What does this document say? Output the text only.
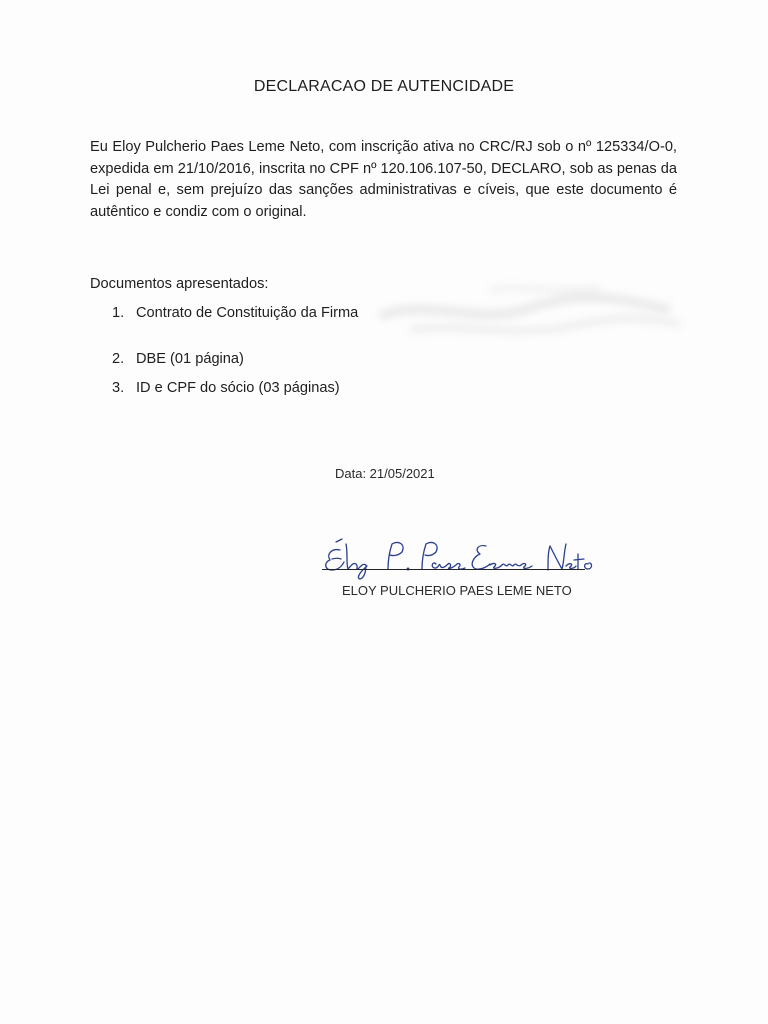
DECLARACAO DE AUTENCIDADE
Eu Eloy Pulcherio Paes Leme Neto, com inscrição ativa no CRC/RJ sob o nº 125334/O-0, expedida em 21/10/2016, inscrita no CPF nº 120.106.107-50, DECLARO, sob as penas da Lei penal e, sem prejuízo das sanções administrativas e cíveis, que este documento é autêntico e condiz com o original.
Documentos apresentados:
1. Contrato de Constituição da Firma
2. DBE (01 página)
3. ID e CPF do sócio (03 páginas)
Data: 21/05/2021
ELOY PULCHERIO PAES LEME NETO
